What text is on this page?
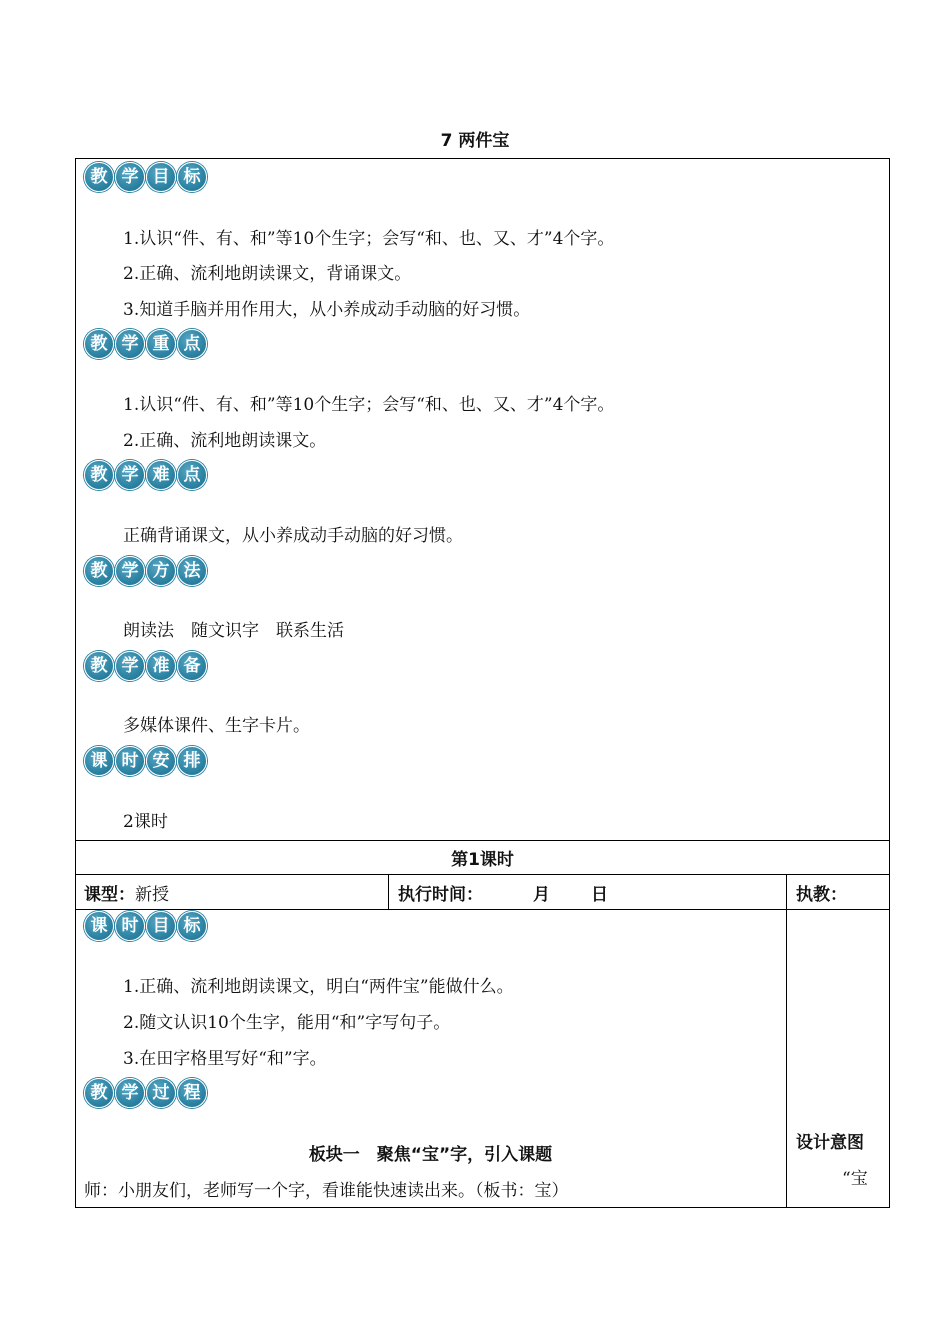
7 两件宝
教 学 目 标
1.认识“件、有、和”等10个生字；会写“和、也、又、才”4个字。
2.正确、流利地朗读课文，背诵课文。
3.知道手脑并用作用大，从小养成动手动脑的好习惯。
教 学 重 点
1.认识“件、有、和”等10个生字；会写“和、也、又、才”4个字。
2.正确、流利地朗读课文。
教 学 难 点
正确背诵课文，从小养成动手动脑的好习惯。
教 学 方 法
朗读法　随文识字　联系生活
教 学 准 备
多媒体课件、生字卡片。
课 时 安 排
2课时
第1课时
课型：新授	执行时间：	月 日	执教：
课 时 目 标
1.正确、流利地朗读课文，明白“两件宝”能做什么。
2.随文认识10个生字，能用“和”字写句子。
3.在田字格里写好“和”字。
教 学 过 程
板块一　聚焦“宝”字，引入课题
师：小朋友们，老师写一个字，看谁能快速读出来。（板书：宝）
设计意图
“宝
